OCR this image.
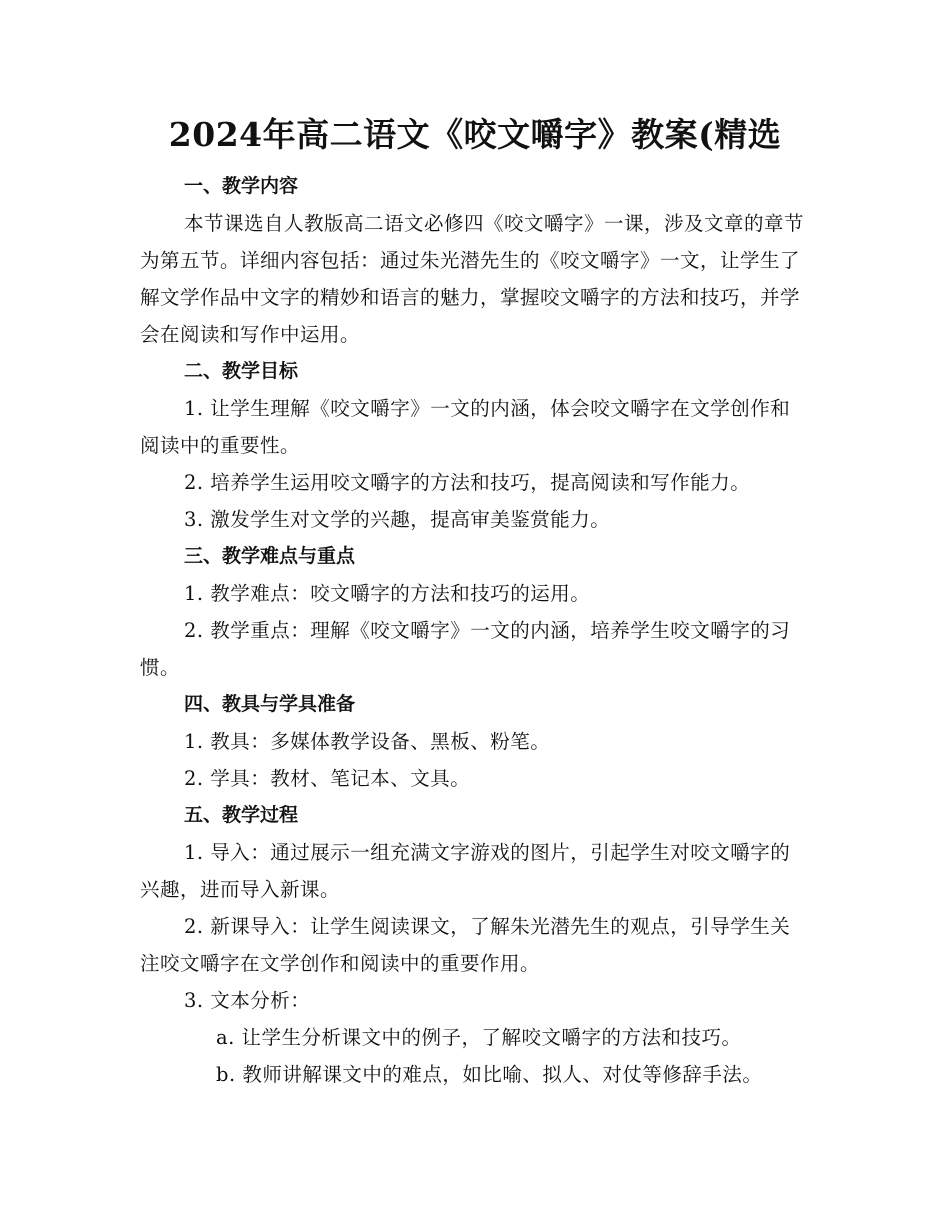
2024年高二语文《咬文嚼字》教案(精选
一、教学内容
本节课选自人教版高二语文必修四《咬文嚼字》一课，涉及文章的章节为第五节。详细内容包括：通过朱光潜先生的《咬文嚼字》一文，让学生了解文学作品中文字的精妙和语言的魅力，掌握咬文嚼字的方法和技巧，并学会在阅读和写作中运用。
二、教学目标
1. 让学生理解《咬文嚼字》一文的内涵，体会咬文嚼字在文学创作和阅读中的重要性。
2. 培养学生运用咬文嚼字的方法和技巧，提高阅读和写作能力。
3. 激发学生对文学的兴趣，提高审美鉴赏能力。
三、教学难点与重点
1. 教学难点：咬文嚼字的方法和技巧的运用。
2. 教学重点：理解《咬文嚼字》一文的内涵，培养学生咬文嚼字的习惯。
四、教具与学具准备
1. 教具：多媒体教学设备、黑板、粉笔。
2. 学具：教材、笔记本、文具。
五、教学过程
1. 导入：通过展示一组充满文字游戏的图片，引起学生对咬文嚼字的兴趣，进而导入新课。
2. 新课导入：让学生阅读课文，了解朱光潜先生的观点，引导学生关注咬文嚼字在文学创作和阅读中的重要作用。
3. 文本分析：
a. 让学生分析课文中的例子，了解咬文嚼字的方法和技巧。
b. 教师讲解课文中的难点，如比喻、拟人、对仗等修辞手法。
